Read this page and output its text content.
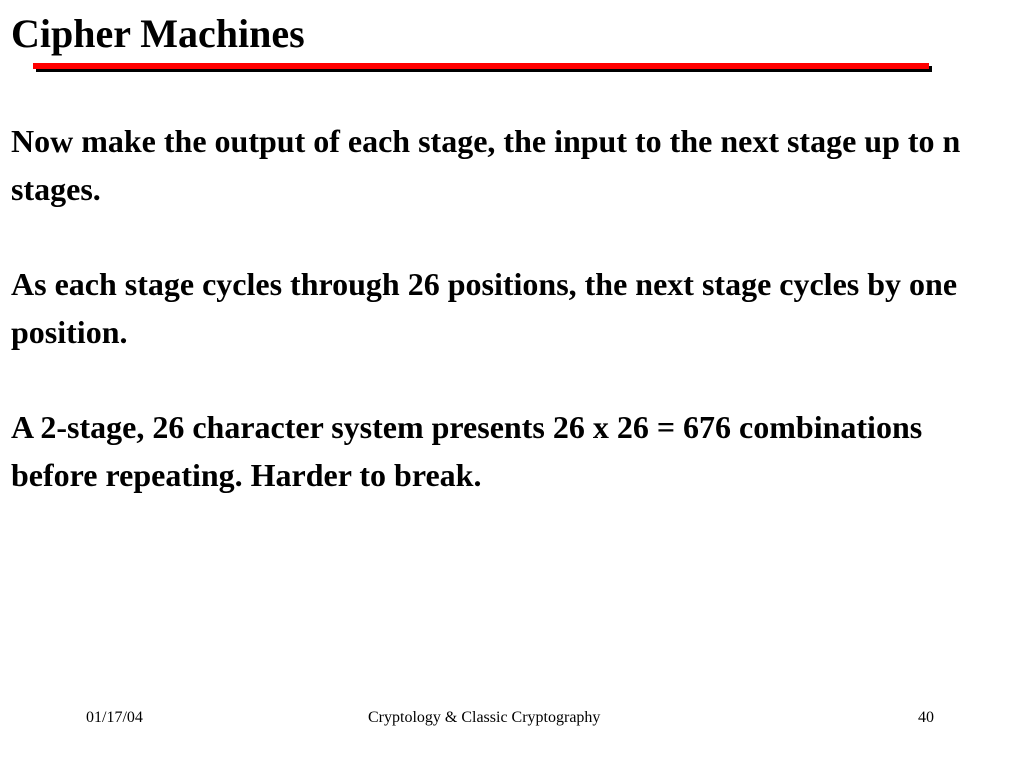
Cipher Machines

Now make the output of each stage, the input to the next stage up to n stages.

As each stage cycles through 26 positions, the next stage cycles by one position.

A 2-stage, 26 character system presents 26 x 26 = 676 combinations before repeating. Harder to break.

01/17/04	Cryptology & Classic Cryptography	40
